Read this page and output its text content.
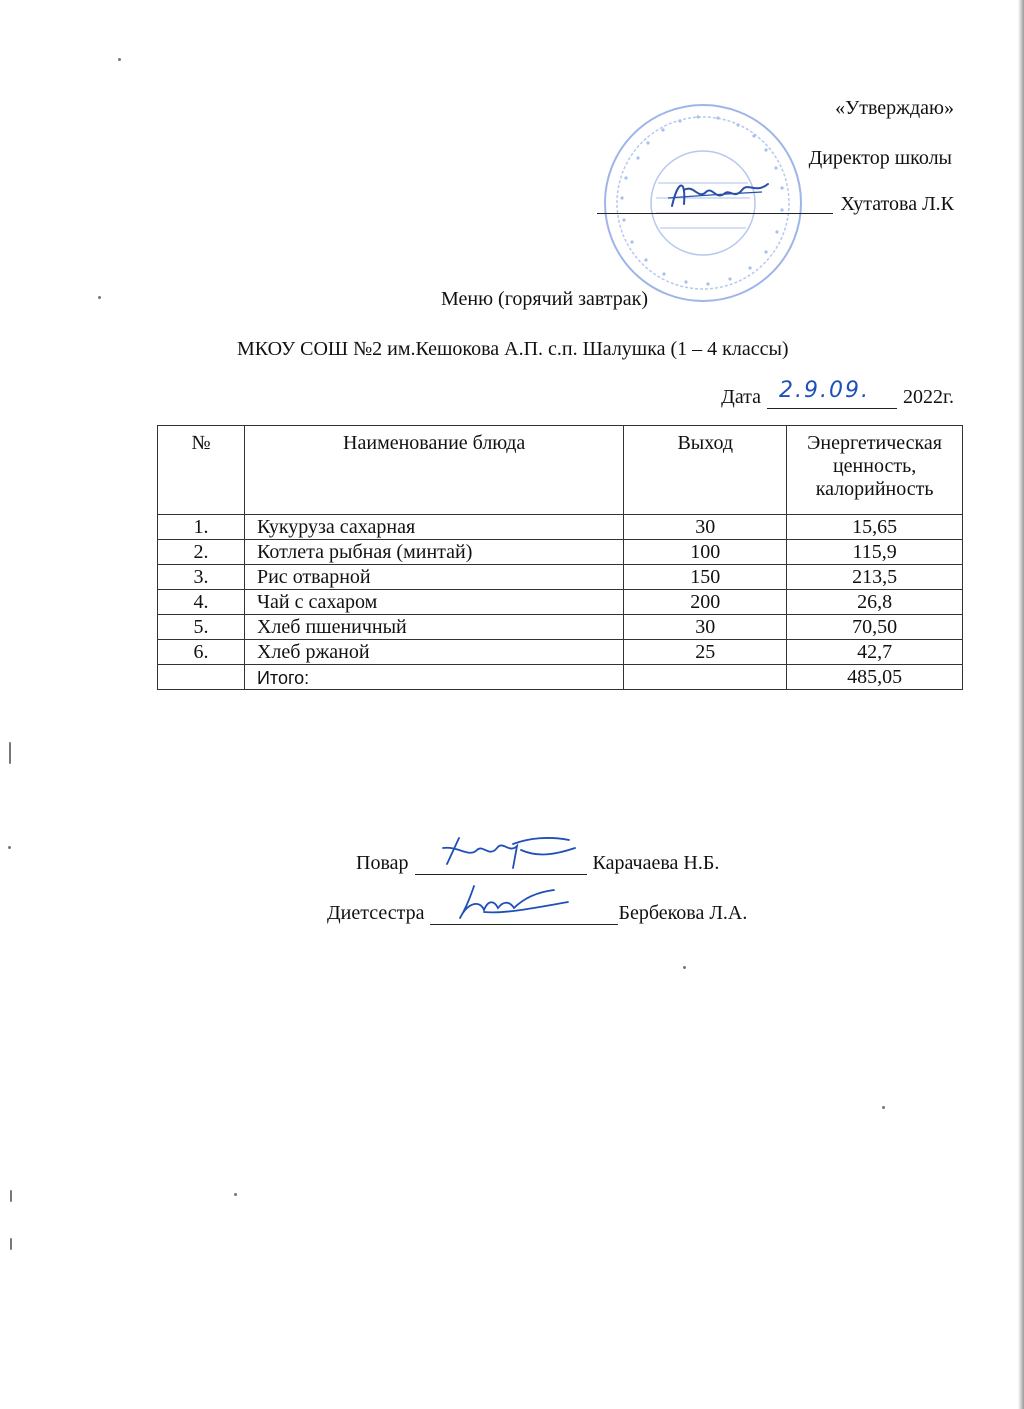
«Утверждаю»
Директор школы
Хутатова Л.К
Меню (горячий завтрак)
МКОУ СОШ №2 им.Кешокова А.П. с.п. Шалушка (1 – 4 классы)
Дата 2.9.09. 2022г.
№	Наименование блюда	Выход	Энергетическая ценность, калорийность
1.	Кукуруза сахарная	30	15,65
2.	Котлета рыбная (минтай)	100	115,9
3.	Рис отварной	150	213,5
4.	Чай с сахаром	200	26,8
5.	Хлеб пшеничный	30	70,50
6.	Хлеб ржаной	25	42,7
	Итого:		485,05
Повар	Карачаева Н.Б.
Диетсестра	Бербекова Л.А.
